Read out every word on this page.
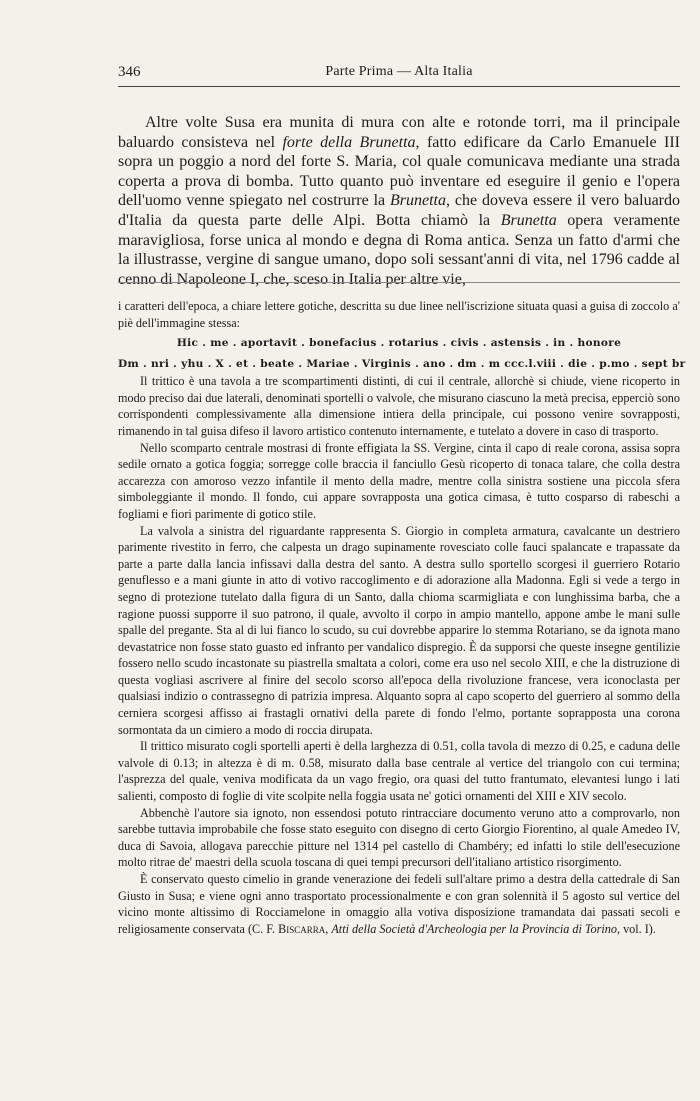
346	Parte Prima — Alta Italia

Altre volte Susa era munita di mura con alte e rotonde torri, ma il principale baluardo consisteva nel forte della Brunetta, fatto edificare da Carlo Emanuele III sopra un poggio a nord del forte S. Maria, col quale comunicava mediante una strada coperta a prova di bomba. Tutto quanto può inventare ed eseguire il genio e l'opera dell'uomo venne spiegato nel costrurre la Brunetta, che doveva essere il vero baluardo d'Italia da questa parte delle Alpi. Botta chiamò la Brunetta opera veramente maravigliosa, forse unica al mondo e degna di Roma antica. Senza un fatto d'armi che la illustrasse, vergine di sangue umano, dopo soli sessant'anni di vita, nel 1796 cadde al cenno di Napoleone I, che, sceso in Italia per altre vie,

i caratteri dell'epoca, a chiare lettere gotiche, descritta su due linee nell'iscrizione situata quasi a guisa di zoccolo a' piè dell'immagine stessa:

Hic . me . aportavit . bonefacius . rotarius . civis . astensis . in . honore
Dm . nri . yhu . X . et . beate . Mariae . Virginis . ano . dm . m ccc.l.viii . die . p.mo . sept br

Il trittico è una tavola a tre scompartimenti distinti, di cui il centrale, allorchè si chiude, viene ricoperto in modo preciso dai due laterali, denominati sportelli o valvole, che misurano ciascuno la metà precisa, epperciò sono corrispondenti complessivamente alla dimensione intiera della principale, cui possono venire sovrapposti, rimanendo in tal guisa difeso il lavoro artistico contenuto internamente, e tutelato a dovere in caso di trasporto.

Nello scomparto centrale mostrasi di fronte effigiata la SS. Vergine, cinta il capo di reale corona, assisa sopra sedile ornato a gotica foggia; sorregge colle braccia il fanciullo Gesù ricoperto di tonaca talare, che colla destra accarezza con amoroso vezzo infantile il mento della madre, mentre colla sinistra sostiene una piccola sfera simboleggiante il mondo. Il fondo, cui appare sovrapposta una gotica cimasa, è tutto cosparso di rabeschi a fogliami e fiori parimente di gotico stile.

La valvola a sinistra del riguardante rappresenta S. Giorgio in completa armatura, cavalcante un destriero parimente rivestito in ferro, che calpesta un drago supinamente rovesciato colle fauci spalancate e trapassate da parte a parte dalla lancia infissavi dalla destra del santo. A destra sullo sportello scorgesi il guerriero Rotario genuflesso e a mani giunte in atto di votivo raccoglimento e di adorazione alla Madonna. Egli si vede a tergo in segno di protezione tutelato dalla figura di un Santo, dalla chioma scarmigliata e con lunghissima barba, che a ragione puossi supporre il suo patrono, il quale, avvolto il corpo in ampio mantello, appone ambe le mani sulle spalle del pregante. Sta al di lui fianco lo scudo, su cui dovrebbe apparire lo stemma Rotariano, se da ignota mano devastatrice non fosse stato guasto ed infranto per vandalico dispregio. È da supporsi che queste insegne gentilizie fossero nello scudo incastonate su piastrella smaltata a colori, come era uso nel secolo XIII, e che la distruzione di questa vogliasi ascrivere al finire del secolo scorso all'epoca della rivoluzione francese, vera iconoclasta per qualsiasi indizio o contrassegno di patrizia impresa. Alquanto sopra al capo scoperto del guerriero al sommo della cerniera scorgesi affisso ai frastagli ornativi della parete di fondo l'elmo, portante soprapposta una corona sormontata da un cimiero a modo di roccia dirupata.

Il trittico misurato cogli sportelli aperti è della larghezza di 0.51, colla tavola di mezzo di 0.25, e caduna delle valvole di 0.13; in altezza è di m. 0.58, misurato dalla base centrale al vertice del triangolo con cui termina; l'asprezza del quale, veniva modificata da un vago fregio, ora quasi del tutto frantumato, elevantesi lungo i lati salienti, composto di foglie di vite scolpite nella foggia usata ne' gotici ornamenti del XIII e XIV secolo.

Abbenchè l'autore sia ignoto, non essendosi potuto rintracciare documento veruno atto a comprovarlo, non sarebbe tuttavia improbabile che fosse stato eseguito con disegno di certo Giorgio Fiorentino, al quale Amedeo IV, duca di Savoia, allogava parecchie pitture nel 1314 pel castello di Chambéry; ed infatti lo stile dell'esecuzione molto ritrae de' maestri della scuola toscana di quei tempi precursori dell'italiano artistico risorgimento.

È conservato questo cimelio in grande venerazione dei fedeli sull'altare primo a destra della cattedrale di San Giusto in Susa; e viene ogni anno trasportato processionalmente e con gran solennità il 5 agosto sul vertice del vicino monte altissimo di Rocciamelone in omaggio alla votiva disposizione tramandata dai passati secoli e religiosamente conservata (C. F. Biscarra, Atti della Società d'Archeologia per la Provincia di Torino, vol. I).
